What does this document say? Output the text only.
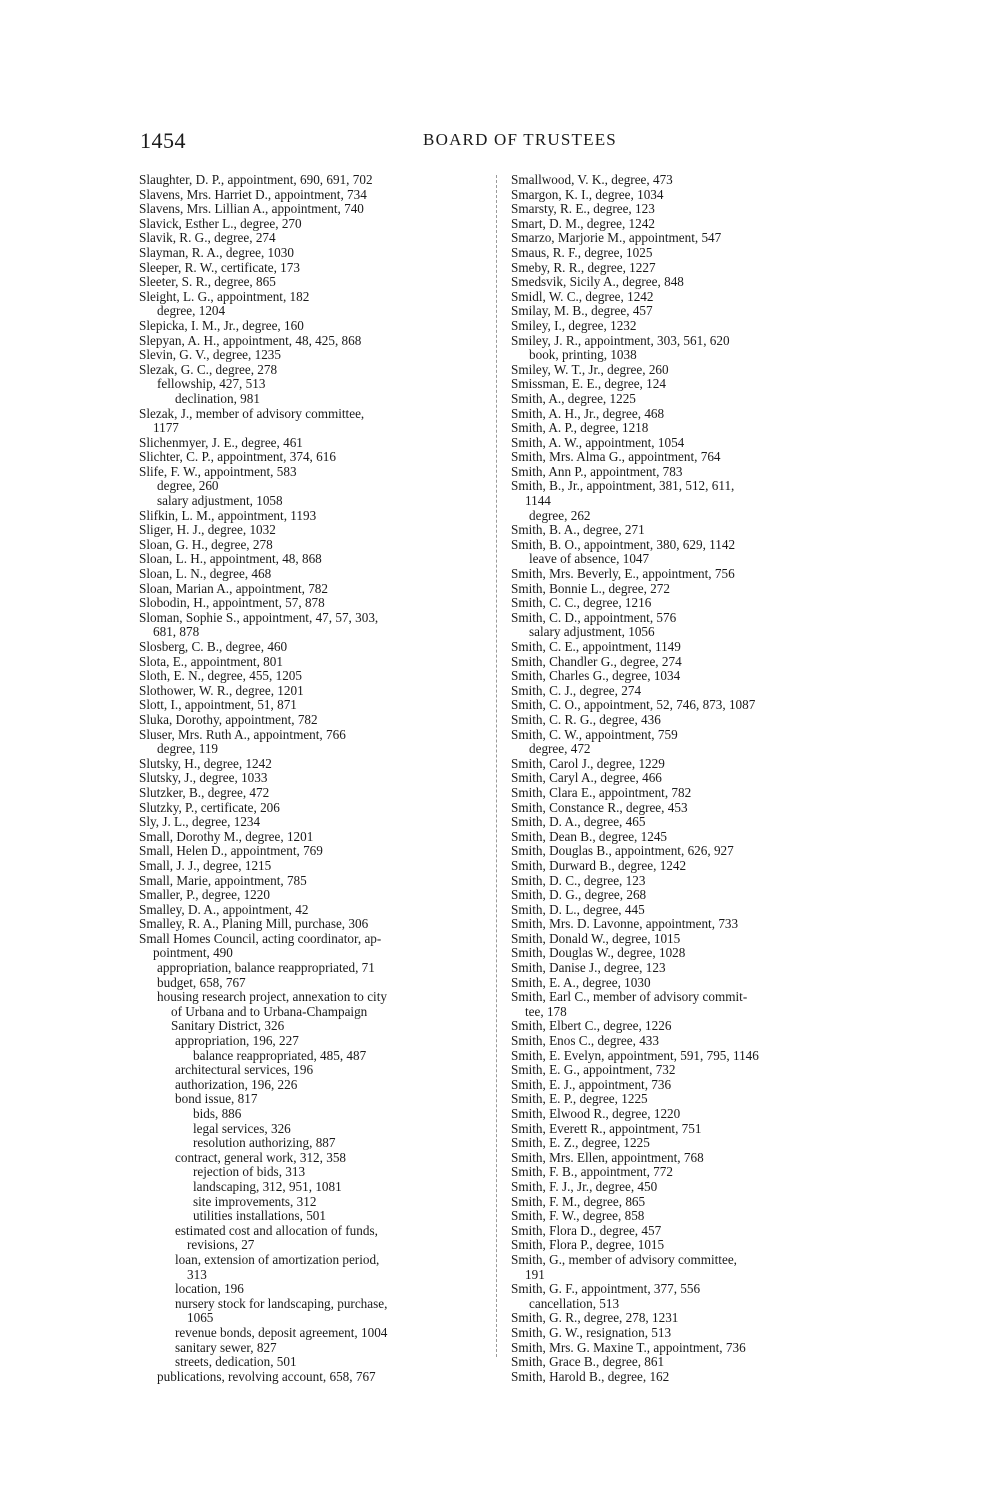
1454	BOARD OF TRUSTEES
Slaughter, D. P., appointment, 690, 691, 702
Slavens, Mrs. Harriet D., appointment, 734
Slavens, Mrs. Lillian A., appointment, 740
Slavick, Esther L., degree, 270
Slavik, R. G., degree, 274
Slayman, R. A., degree, 1030
Sleeper, R. W., certificate, 173
Sleeter, S. R., degree, 865
Sleight, L. G., appointment, 182
degree, 1204
Slepicka, I. M., Jr., degree, 160
Slepyan, A. H., appointment, 48, 425, 868
Slevin, G. V., degree, 1235
Slezak, G. C., degree, 278
fellowship, 427, 513
declination, 981
Slezak, J., member of advisory committee,
1177
Slichenmyer, J. E., degree, 461
Slichter, C. P., appointment, 374, 616
Slife, F. W., appointment, 583
degree, 260
salary adjustment, 1058
Slifkin, L. M., appointment, 1193
Sliger, H. J., degree, 1032
Sloan, G. H., degree, 278
Sloan, L. H., appointment, 48, 868
Sloan, L. N., degree, 468
Sloan, Marian A., appointment, 782
Slobodin, H., appointment, 57, 878
Sloman, Sophie S., appointment, 47, 57, 303,
681, 878
Slosberg, C. B., degree, 460
Slota, E., appointment, 801
Sloth, E. N., degree, 455, 1205
Slothower, W. R., degree, 1201
Slott, I., appointment, 51, 871
Sluka, Dorothy, appointment, 782
Sluser, Mrs. Ruth A., appointment, 766
degree, 119
Slutsky, H., degree, 1242
Slutsky, J., degree, 1033
Slutzker, B., degree, 472
Slutzky, P., certificate, 206
Sly, J. L., degree, 1234
Small, Dorothy M., degree, 1201
Small, Helen D., appointment, 769
Small, J. J., degree, 1215
Small, Marie, appointment, 785
Smaller, P., degree, 1220
Smalley, D. A., appointment, 42
Smalley, R. A., Planing Mill, purchase, 306
Small Homes Council, acting coordinator, ap-
pointment, 490
appropriation, balance reappropriated, 71
budget, 658, 767
housing research project, annexation to city
of Urbana and to Urbana-Champaign
Sanitary District, 326
appropriation, 196, 227
balance reappropriated, 485, 487
architectural services, 196
authorization, 196, 226
bond issue, 817
bids, 886
legal services, 326
resolution authorizing, 887
contract, general work, 312, 358
rejection of bids, 313
landscaping, 312, 951, 1081
site improvements, 312
utilities installations, 501
estimated cost and allocation of funds,
revisions, 27
loan, extension of amortization period,
313
location, 196
nursery stock for landscaping, purchase,
1065
revenue bonds, deposit agreement, 1004
sanitary sewer, 827
streets, dedication, 501
publications, revolving account, 658, 767
Smallwood, V. K., degree, 473
Smargon, K. I., degree, 1034
Smarsty, R. E., degree, 123
Smart, D. M., degree, 1242
Smarzo, Marjorie M., appointment, 547
Smaus, R. F., degree, 1025
Smeby, R. R., degree, 1227
Smedsvik, Sicily A., degree, 848
Smidl, W. C., degree, 1242
Smilay, M. B., degree, 457
Smiley, I., degree, 1232
Smiley, J. R., appointment, 303, 561, 620
book, printing, 1038
Smiley, W. T., Jr., degree, 260
Smissman, E. E., degree, 124
Smith, A., degree, 1225
Smith, A. H., Jr., degree, 468
Smith, A. P., degree, 1218
Smith, A. W., appointment, 1054
Smith, Mrs. Alma G., appointment, 764
Smith, Ann P., appointment, 783
Smith, B., Jr., appointment, 381, 512, 611,
1144
degree, 262
Smith, B. A., degree, 271
Smith, B. O., appointment, 380, 629, 1142
leave of absence, 1047
Smith, Mrs. Beverly, E., appointment, 756
Smith, Bonnie L., degree, 272
Smith, C. C., degree, 1216
Smith, C. D., appointment, 576
salary adjustment, 1056
Smith, C. E., appointment, 1149
Smith, Chandler G., degree, 274
Smith, Charles G., degree, 1034
Smith, C. J., degree, 274
Smith, C. O., appointment, 52, 746, 873, 1087
Smith, C. R. G., degree, 436
Smith, C. W., appointment, 759
degree, 472
Smith, Carol J., degree, 1229
Smith, Caryl A., degree, 466
Smith, Clara E., appointment, 782
Smith, Constance R., degree, 453
Smith, D. A., degree, 465
Smith, Dean B., degree, 1245
Smith, Douglas B., appointment, 626, 927
Smith, Durward B., degree, 1242
Smith, D. C., degree, 123
Smith, D. G., degree, 268
Smith, D. L., degree, 445
Smith, Mrs. D. Lavonne, appointment, 733
Smith, Donald W., degree, 1015
Smith, Douglas W., degree, 1028
Smith, Danise J., degree, 123
Smith, E. A., degree, 1030
Smith, Earl C., member of advisory commit-
tee, 178
Smith, Elbert C., degree, 1226
Smith, Enos C., degree, 433
Smith, E. Evelyn, appointment, 591, 795, 1146
Smith, E. G., appointment, 732
Smith, E. J., appointment, 736
Smith, E. P., degree, 1225
Smith, Elwood R., degree, 1220
Smith, Everett R., appointment, 751
Smith, E. Z., degree, 1225
Smith, Mrs. Ellen, appointment, 768
Smith, F. B., appointment, 772
Smith, F. J., Jr., degree, 450
Smith, F. M., degree, 865
Smith, F. W., degree, 858
Smith, Flora D., degree, 457
Smith, Flora P., degree, 1015
Smith, G., member of advisory committee,
191
Smith, G. F., appointment, 377, 556
cancellation, 513
Smith, G. R., degree, 278, 1231
Smith, G. W., resignation, 513
Smith, Mrs. G. Maxine T., appointment, 736
Smith, Grace B., degree, 861
Smith, Harold B., degree, 162
